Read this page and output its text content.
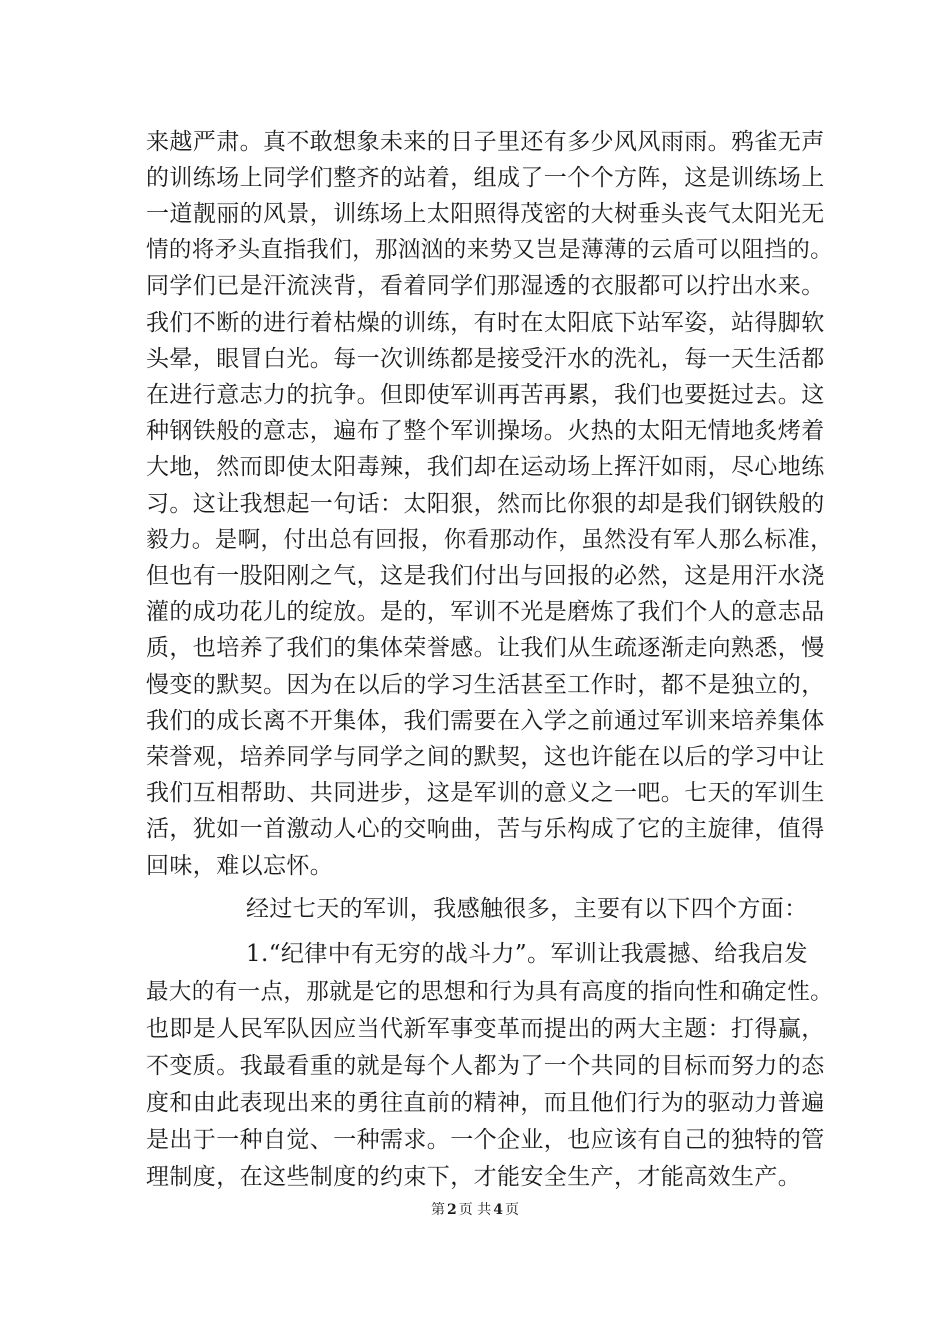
来越严肃。真不敢想象未来的日子里还有多少风风雨雨。鸦雀无声
的训练场上同学们整齐的站着，组成了一个个方阵，这是训练场上
一道靓丽的风景，训练场上太阳照得茂密的大树垂头丧气太阳光无
情的将矛头直指我们，那汹汹的来势又岂是薄薄的云盾可以阻挡的。
同学们已是汗流浃背，看着同学们那湿透的衣服都可以拧出水来。
我们不断的进行着枯燥的训练，有时在太阳底下站军姿，站得脚软
头晕，眼冒白光。每一次训练都是接受汗水的洗礼，每一天生活都
在进行意志力的抗争。但即使军训再苦再累，我们也要挺过去。这
种钢铁般的意志，遍布了整个军训操场。火热的太阳无情地炙烤着
大地，然而即使太阳毒辣，我们却在运动场上挥汗如雨，尽心地练
习。这让我想起一句话：太阳狠，然而比你狠的却是我们钢铁般的
毅力。是啊，付出总有回报，你看那动作，虽然没有军人那么标准，
但也有一股阳刚之气，这是我们付出与回报的必然，这是用汗水浇
灌的成功花儿的绽放。是的，军训不光是磨炼了我们个人的意志品
质，也培养了我们的集体荣誉感。让我们从生疏逐渐走向熟悉，慢
慢变的默契。因为在以后的学习生活甚至工作时，都不是独立的，
我们的成长离不开集体，我们需要在入学之前通过军训来培养集体
荣誉观，培养同学与同学之间的默契，这也许能在以后的学习中让
我们互相帮助、共同进步，这是军训的意义之一吧。七天的军训生
活，犹如一首激动人心的交响曲，苦与乐构成了它的主旋律，值得
回味，难以忘怀。
经过七天的军训，我感触很多，主要有以下四个方面：
1.“纪律中有无穷的战斗力”。军训让我震撼、给我启发
最大的有一点，那就是它的思想和行为具有高度的指向性和确定性。
也即是人民军队因应当代新军事变革而提出的两大主题：打得赢，
不变质。我最看重的就是每个人都为了一个共同的目标而努力的态
度和由此表现出来的勇往直前的精神，而且他们行为的驱动力普遍
是出于一种自觉、一种需求。一个企业，也应该有自己的独特的管
理制度，在这些制度的约束下，才能安全生产，才能高效生产。
第 2 页 共 4 页
